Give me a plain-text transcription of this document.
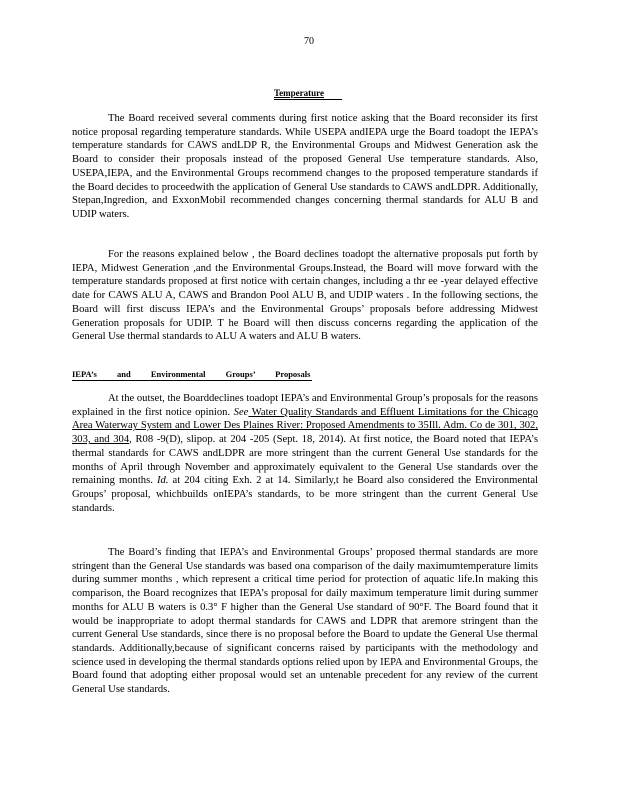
70
Temperature

The Board received several comments during first notice asking that the Board reconsider its first notice proposal regarding temperature standards. While USEPA andIEPA urge the Board toadopt the IEPA’s temperature standards for CAWS andLDP R, the Environmental Groups and Midwest Generation ask the Board to consider their proposals instead of the proposed General Use temperature standards. Also, USEPA,IEPA, and the Environmental Groups recommend changes to the proposed temperature standards if the Board decides to proceedwith the application of General Use standards to CAWS andLDPR. Additionally, Stepan,Ingredion, and ExxonMobil recommended changes concerning thermal standards for ALU B and UDIP waters.

For the reasons explained below , the Board declines toadopt the alternative proposals put forth by IEPA, Midwest Generation ,and the Environmental Groups.Instead, the Board will move forward with the temperature standards proposed at first notice with certain changes, including a thr ee -year delayed effective date for CAWS ALU A, CAWS and Brandon Pool ALU B, and UDIP waters . In the following sections, the Board will first discuss IEPA’s and the Environmental Groups’ proposals before addressing Midwest Generation proposals for UDIP. T he Board will then discuss concerns regarding the application of the General Use thermal standards to ALU A waters and ALU B waters.

IEPA’s and Environmental Groups’ Proposals

At the outset, the Boarddeclines toadopt IEPA’s and Environmental Group’s proposals for the reasons explained in the first notice opinion. See Water Quality Standards and Effluent Limitations for the Chicago Area Waterway System and Lower Des Plaines River: Proposed Amendments to 35Ill. Adm. Co de 301, 302, 303, and 304, R08 -9(D), slipop. at 204 -205 (Sept. 18, 2014). At first notice, the Board noted that IEPA’s thermal standards for CAWS andLDPR are more stringent than the current General Use standards for the months of April through November and approximately equivalent to the General Use standards over the remaining months. Id. at 204 citing Exh. 2 at 14. Similarly,t he Board also considered the Environmental Groups’ proposal, whichbuilds onIEPA’s standards, to be more stringent than the current General Use standards.

The Board’s finding that IEPA’s and Environmental Groups’ proposed thermal standards are more stringent than the General Use standards was based ona comparison of the daily maximumtemperature limits during summer months , which represent a critical time period for protection of aquatic life.In making this comparison, the Board recognizes that IEPA’s proposal for daily maximum temperature limit during summer months for ALU B waters is 0.3° F higher than the General Use standard of 90°F. The Board found that it would be inappropriate to adopt thermal standards for CAWS and LDPR that aremore stringent than the current General Use standards, since there is no proposal before the Board to update the General Use thermal standards. Additionally,because of significant concerns raised by participants with the methodology and science used in developing the thermal standards options relied upon by IEPA and Environmental Groups, the Board found that adopting either proposal would set an untenable precedent for any review of the current General Use standards.
